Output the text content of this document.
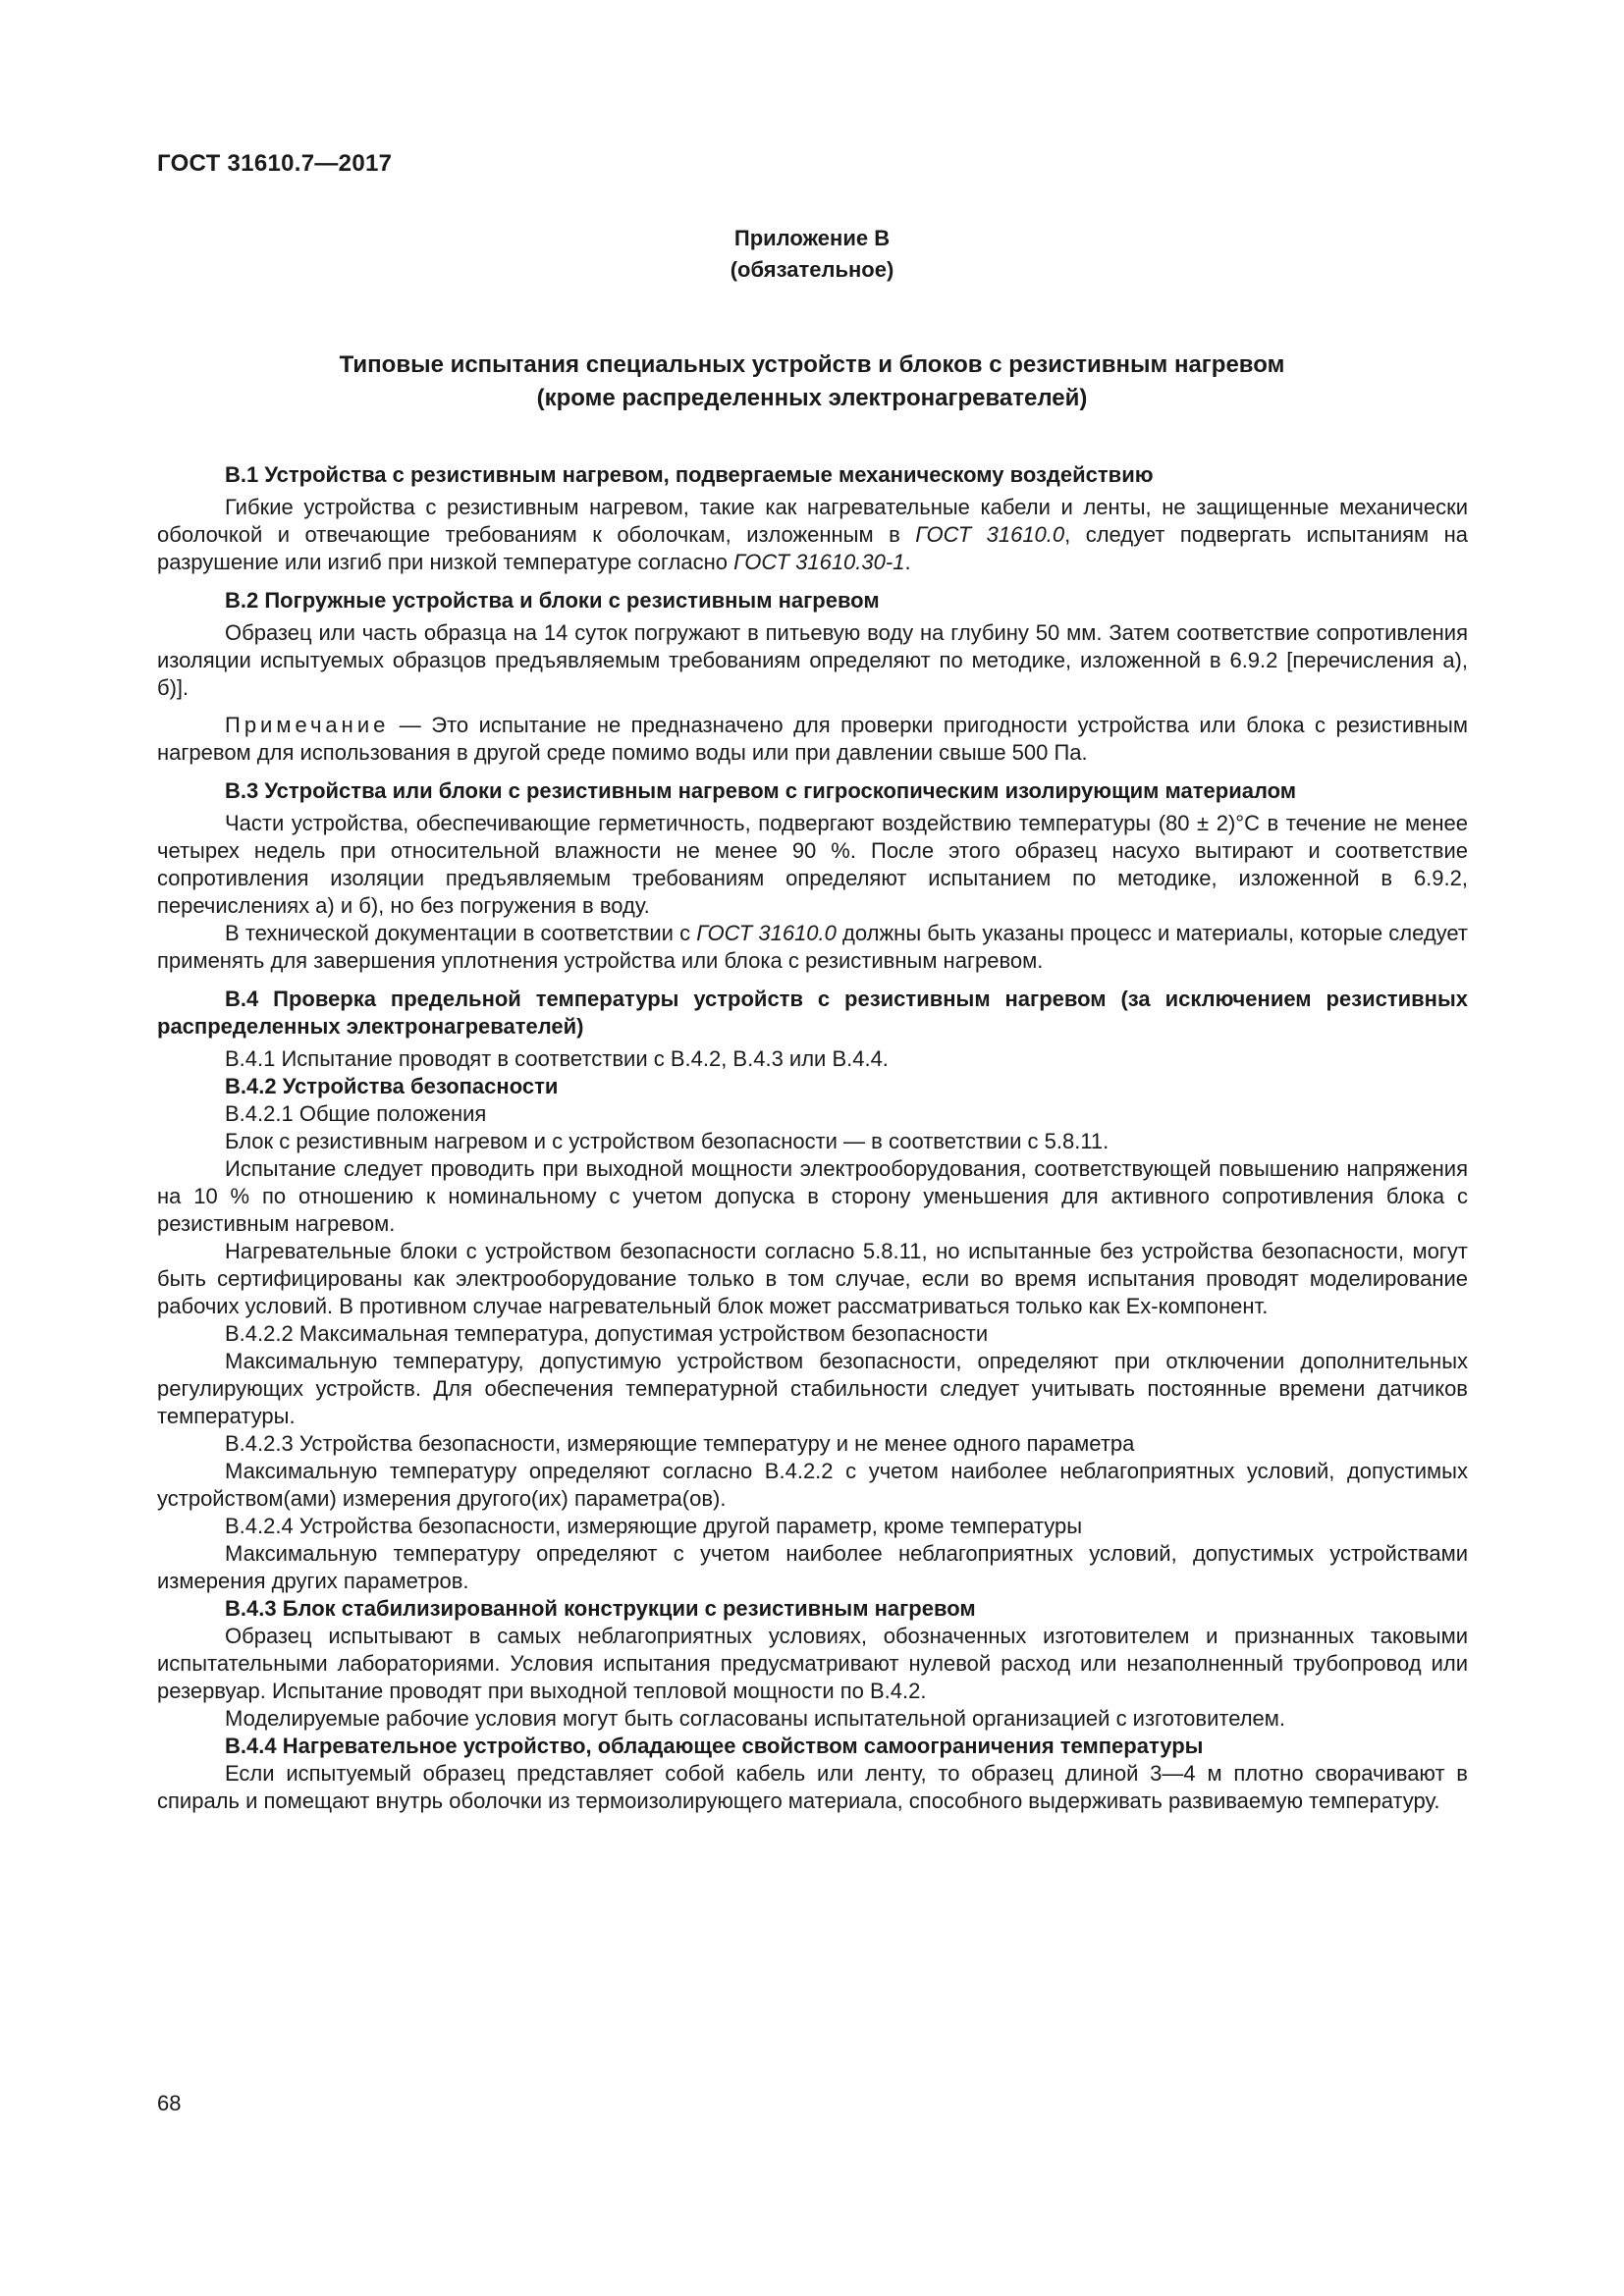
ГОСТ 31610.7—2017
Приложение В
(обязательное)
Типовые испытания специальных устройств и блоков с резистивным нагревом
(кроме распределенных электронагревателей)

В.1 Устройства с резистивным нагревом, подвергаемые механическому воздействию

Гибкие устройства с резистивным нагревом, такие как нагревательные кабели и ленты, не защищенные механически оболочкой и отвечающие требованиям к оболочкам, изложенным в ГОСТ 31610.0, следует подвергать испытаниям на разрушение или изгиб при низкой температуре согласно ГОСТ 31610.30-1.

В.2 Погружные устройства и блоки с резистивным нагревом

Образец или часть образца на 14 суток погружают в питьевую воду на глубину 50 мм. Затем соответствие сопротивления изоляции испытуемых образцов предъявляемым требованиям определяют по методике, изложенной в 6.9.2 [перечисления а), б)].

Примечание — Это испытание не предназначено для проверки пригодности устройства или блока с резистивным нагревом для использования в другой среде помимо воды или при давлении свыше 500 Па.

В.3 Устройства или блоки с резистивным нагревом с гигроскопическим изолирующим материалом

Части устройства, обеспечивающие герметичность, подвергают воздействию температуры (80 ± 2)°С в течение не менее четырех недель при относительной влажности не менее 90 %. После этого образец насухо вытирают и соответствие сопротивления изоляции предъявляемым требованиям определяют испытанием по методике, изложенной в 6.9.2, перечислениях а) и б), но без погружения в воду.

В технической документации в соответствии с ГОСТ 31610.0 должны быть указаны процесс и материалы, которые следует применять для завершения уплотнения устройства или блока с резистивным нагревом.

В.4 Проверка предельной температуры устройств с резистивным нагревом (за исключением резистивных распределенных электронагревателей)

В.4.1 Испытание проводят в соответствии с В.4.2, В.4.3 или В.4.4.

В.4.2 Устройства безопасности

В.4.2.1 Общие положения

Блок с резистивным нагревом и с устройством безопасности — в соответствии с 5.8.11.

Испытание следует проводить при выходной мощности электрооборудования, соответствующей повышению напряжения на 10 % по отношению к номинальному с учетом допуска в сторону уменьшения для активного сопротивления блока с резистивным нагревом.

Нагревательные блоки с устройством безопасности согласно 5.8.11, но испытанные без устройства безопасности, могут быть сертифицированы как электрооборудование только в том случае, если во время испытания проводят моделирование рабочих условий. В противном случае нагревательный блок может рассматриваться только как Ex-компонент.

В.4.2.2 Максимальная температура, допустимая устройством безопасности

Максимальную температуру, допустимую устройством безопасности, определяют при отключении дополнительных регулирующих устройств. Для обеспечения температурной стабильности следует учитывать постоянные времени датчиков температуры.

В.4.2.3 Устройства безопасности, измеряющие температуру и не менее одного параметра

Максимальную температуру определяют согласно В.4.2.2 с учетом наиболее неблагоприятных условий, допустимых устройством(ами) измерения другого(их) параметра(ов).

В.4.2.4 Устройства безопасности, измеряющие другой параметр, кроме температуры

Максимальную температуру определяют с учетом наиболее неблагоприятных условий, допустимых устройствами измерения других параметров.

В.4.3 Блок стабилизированной конструкции с резистивным нагревом

Образец испытывают в самых неблагоприятных условиях, обозначенных изготовителем и признанных таковыми испытательными лабораториями. Условия испытания предусматривают нулевой расход или незаполненный трубопровод или резервуар. Испытание проводят при выходной тепловой мощности по В.4.2.

Моделируемые рабочие условия могут быть согласованы испытательной организацией с изготовителем.

В.4.4 Нагревательное устройство, обладающее свойством самоограничения температуры

Если испытуемый образец представляет собой кабель или ленту, то образец длиной 3—4 м плотно сворачивают в спираль и помещают внутрь оболочки из термоизолирующего материала, способного выдерживать развиваемую температуру.

68
